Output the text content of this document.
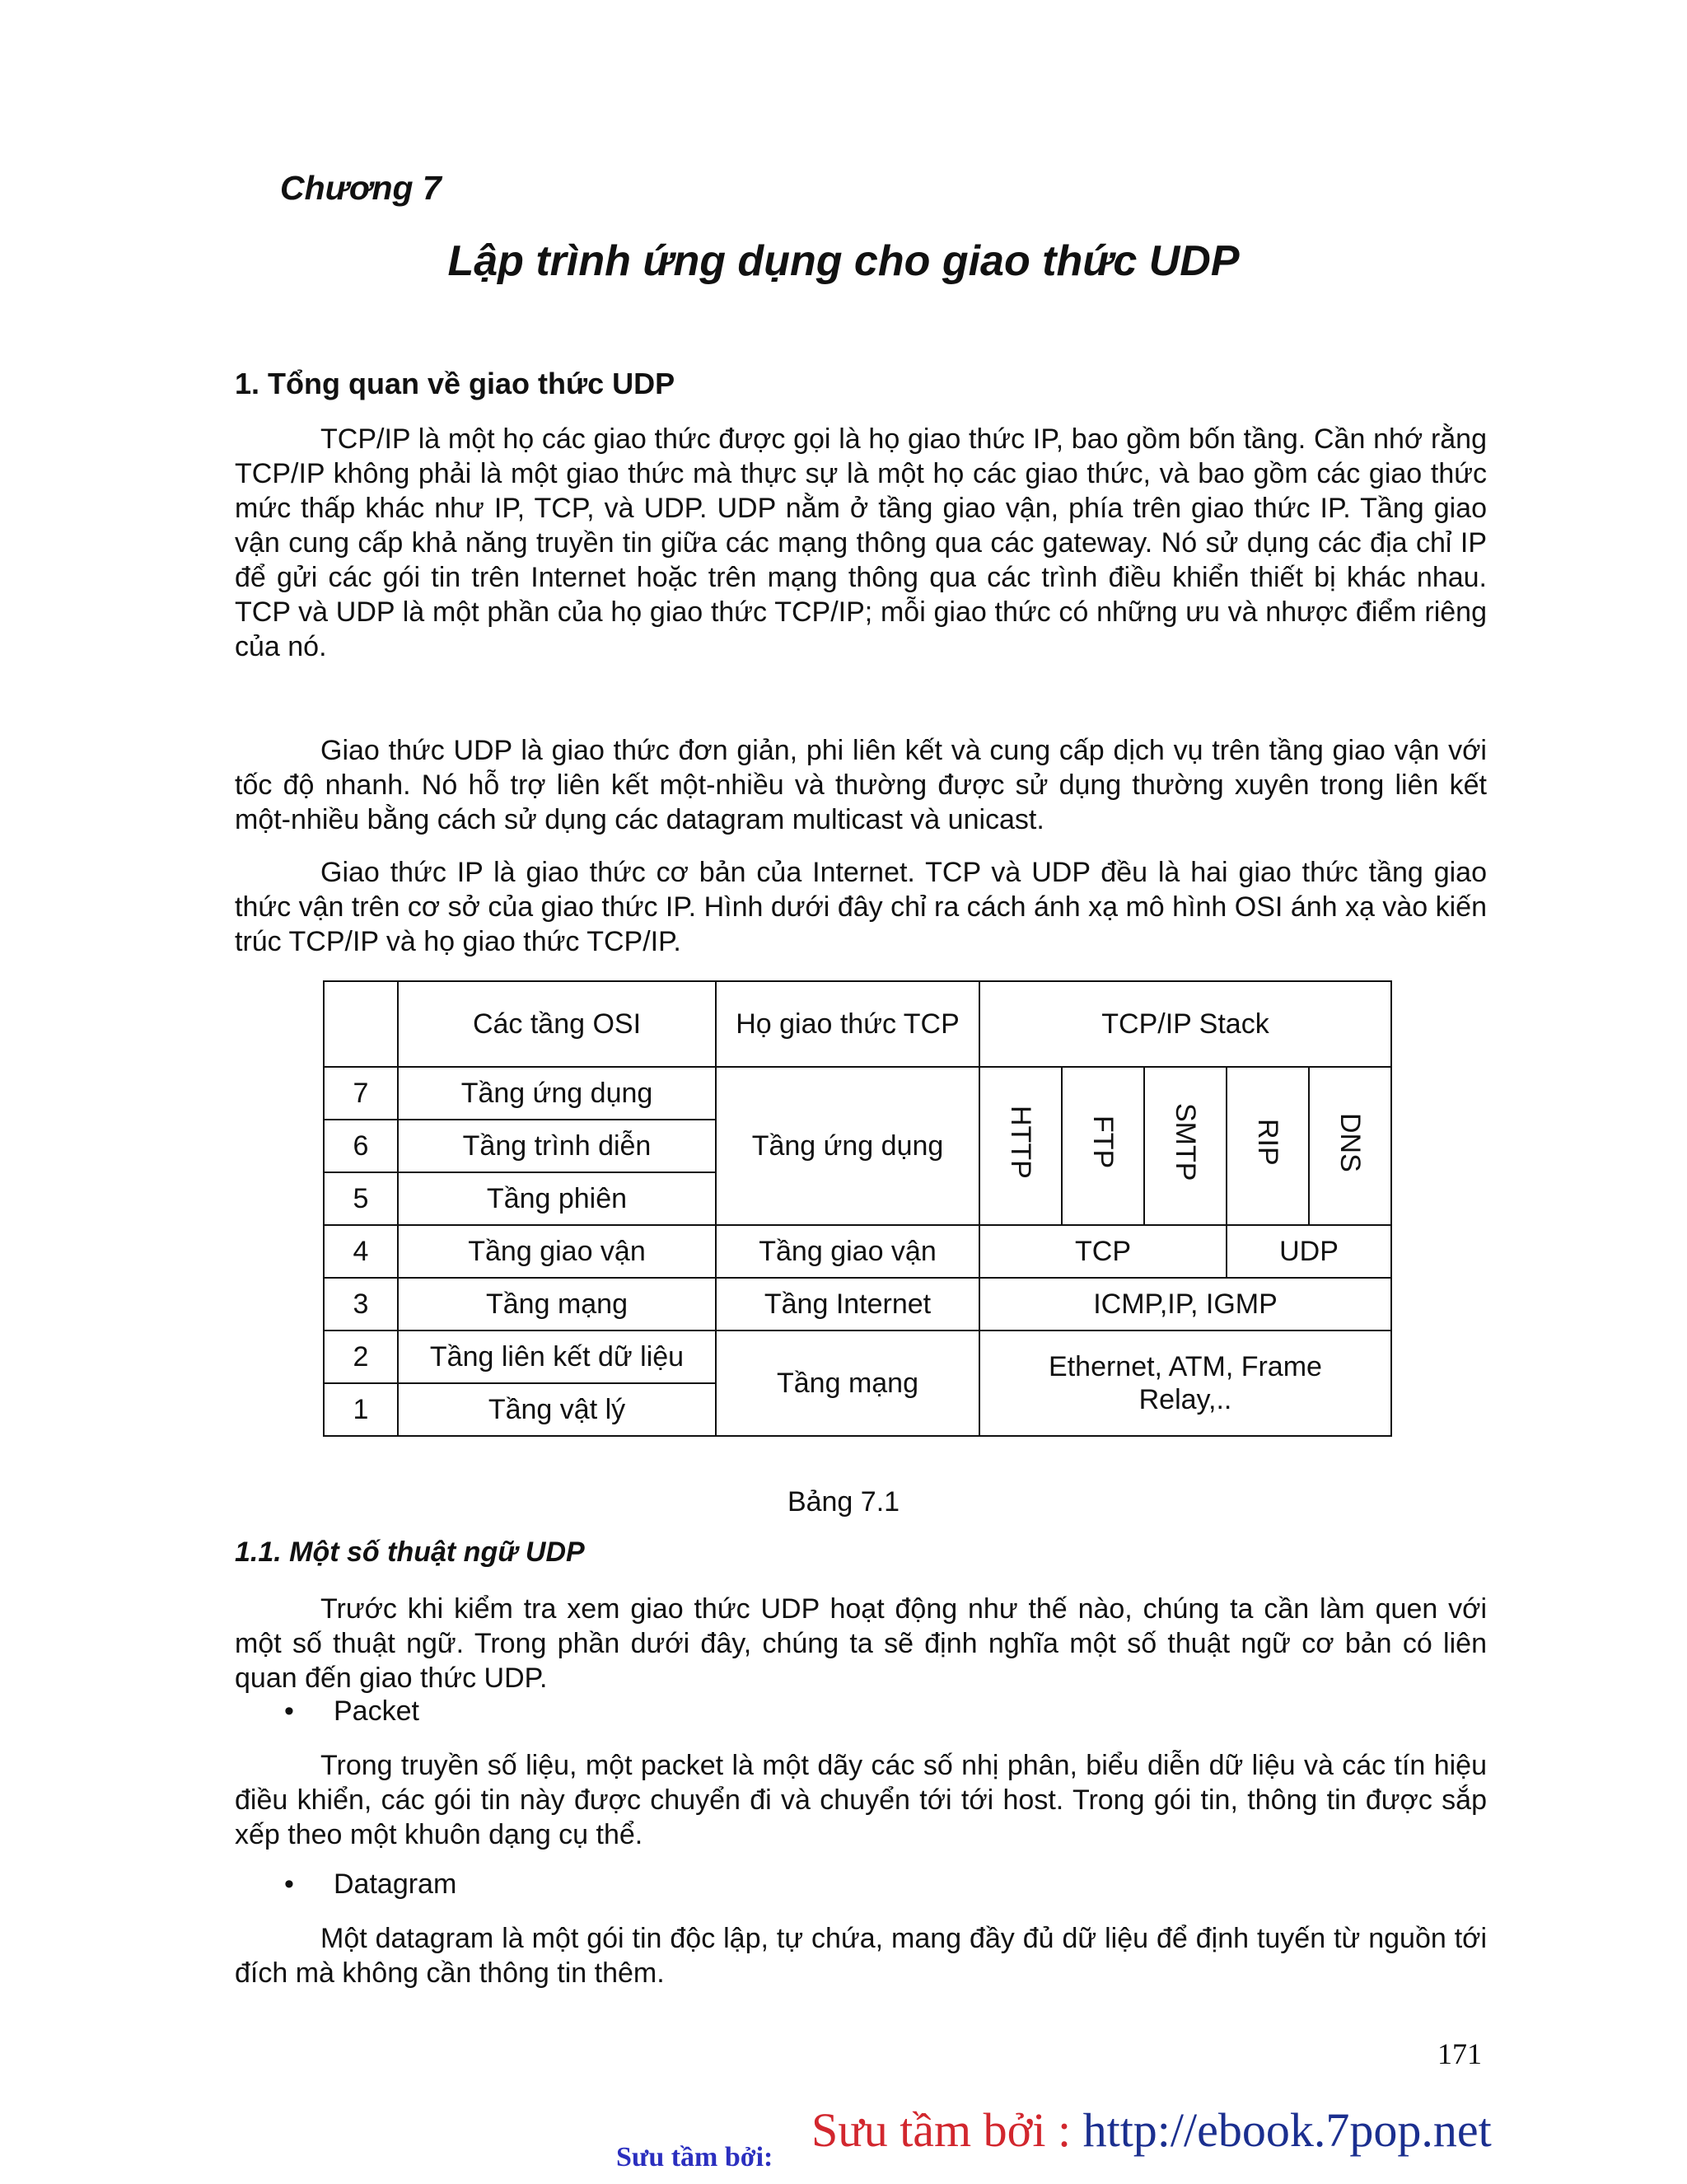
Chương 7
Lập trình ứng dụng cho giao thức UDP
1. Tổng quan về giao thức UDP
TCP/IP là một họ các giao thức được gọi là họ giao thức IP, bao gồm bốn tầng. Cần nhớ rằng TCP/IP không phải là một giao thức mà thực sự là một họ các giao thức, và bao gồm các giao thức mức thấp khác như IP, TCP, và UDP. UDP nằm ở tầng giao vận, phía trên giao thức IP. Tầng giao vận cung cấp khả năng truyền tin giữa các mạng thông qua các gateway. Nó sử dụng các địa chỉ IP để gửi các gói tin trên Internet hoặc trên mạng thông qua các trình điều khiển thiết bị khác nhau. TCP và UDP là một phần của họ giao thức TCP/IP; mỗi giao thức có những ưu và nhược điểm riêng của nó.
Giao thức UDP là giao thức đơn giản, phi liên kết và cung cấp dịch vụ trên tầng giao vận với tốc độ nhanh. Nó hỗ trợ liên kết một-nhiều và thường được sử dụng thường xuyên trong liên kết một-nhiều bằng cách sử dụng các datagram multicast và unicast.
Giao thức IP là giao thức cơ bản của Internet. TCP và UDP đều là hai giao thức tầng giao thức vận trên cơ sở của giao thức IP. Hình dưới đây chỉ ra cách ánh xạ mô hình OSI ánh xạ vào kiến trúc TCP/IP và họ giao thức TCP/IP.
	Các tầng OSI	Họ giao thức TCP	TCP/IP Stack				
7	Tầng ứng dụng	Tầng ứng dụng	HTTP	FTP	SMTP	RIP	DNS
6	Tầng trình diễn						
5	Tầng phiên						
4	Tầng giao vận	Tầng giao vận	TCP			UDP	
3	Tầng mạng	Tầng Internet	ICMP,IP, IGMP				
2	Tầng liên kết dữ liệu	Tầng mạng	Ethernet, ATM, Frame Relay,..				

1	Tầng vật lý						
Bảng 7.1
1.1. Một số thuật ngữ UDP
Trước khi kiểm tra xem giao thức UDP hoạt động như thế nào, chúng ta cần làm quen với một số thuật ngữ. Trong phần dưới đây, chúng ta sẽ định nghĩa một số thuật ngữ cơ bản có liên quan đến giao thức UDP.
• Packet
Trong truyền số liệu, một packet là một dãy các số nhị phân, biểu diễn dữ liệu và các tín hiệu điều khiển, các gói tin này được chuyển đi và chuyển tới tới host. Trong gói tin, thông tin được sắp xếp theo một khuôn dạng cụ thể.
• Datagram
Một datagram là một gói tin độc lập, tự chứa, mang đầy đủ dữ liệu để định tuyến từ nguồn tới đích mà không cần thông tin thêm.
171
Sưu tầm bởi : http://ebook.7pop.net
Sưu tầm bởi:
